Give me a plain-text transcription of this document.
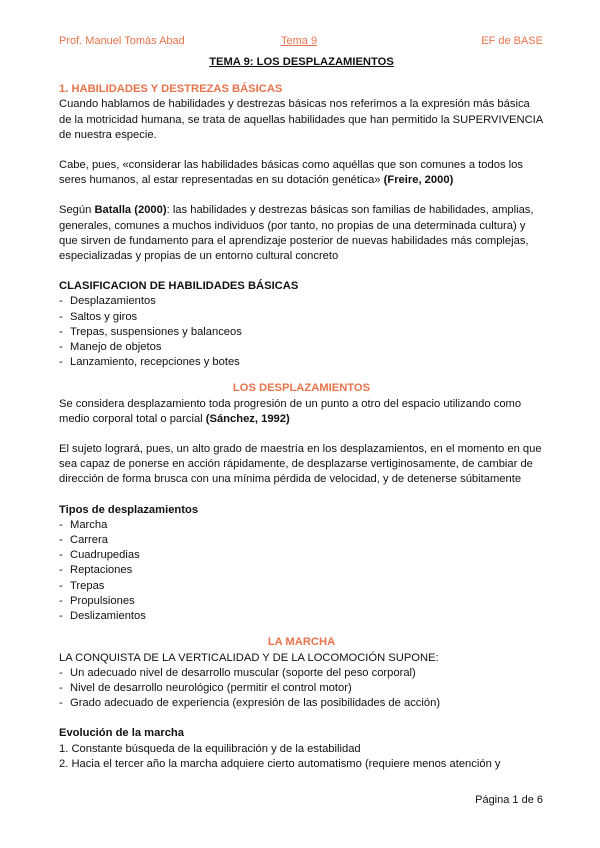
Prof. Manuel Tomás Abad	Tema 9	EF de BASE

TEMA 9: LOS DESPLAZAMIENTOS

1. HABILIDADES Y DESTREZAS BÁSICAS

Cuando hablamos de habilidades y destrezas básicas nos referimos a la expresión más básica de la motricidad humana, se trata de aquellas habilidades que han permitido la SUPERVIVENCIA de nuestra especie.

Cabe, pues, «considerar las habilidades básicas como aquéllas que son comunes a todos los seres humanos, al estar representadas en su dotación genética» (Freire, 2000)

Según Batalla (2000): las habilidades y destrezas básicas son familias de habilidades, amplias, generales, comunes a muchos individuos (por tanto, no propias de una determinada cultura) y que sirven de fundamento para el aprendizaje posterior de nuevas habilidades más complejas, especializadas y propias de un entorno cultural concreto

CLASIFICACION DE HABILIDADES BÁSICAS

- Desplazamientos
- Saltos y giros
- Trepas, suspensiones y balanceos
- Manejo de objetos
- Lanzamiento, recepciones y botes

LOS DESPLAZAMIENTOS

Se considera desplazamiento toda progresión de un punto a otro del espacio utilizando como medio corporal total o parcial (Sánchez, 1992)

El sujeto logrará, pues, un alto grado de maestría en los desplazamientos, en el momento en que sea capaz de ponerse en acción rápidamente, de desplazarse vertiginosamente, de cambiar de dirección de forma brusca con una mínima pérdida de velocidad, y de detenerse súbitamente

Tipos de desplazamientos

- Marcha
- Carrera
- Cuadrupedias
- Reptaciones
- Trepas
- Propulsiones
- Deslizamientos

LA MARCHA

LA CONQUISTA DE LA VERTICALIDAD Y DE LA LOCOMOCIÓN SUPONE:

- Un adecuado nivel de desarrollo muscular (soporte del peso corporal)
- Nivel de desarrollo neurológico (permitir el control motor)
- Grado adecuado de experiencia (expresión de las posibilidades de acción)

Evolución de la marcha

1. Constante búsqueda de la equilibración y de la estabilidad
2. Hacia el tercer año la marcha adquiere cierto automatismo (requiere menos atención y
Página 1 de 6
